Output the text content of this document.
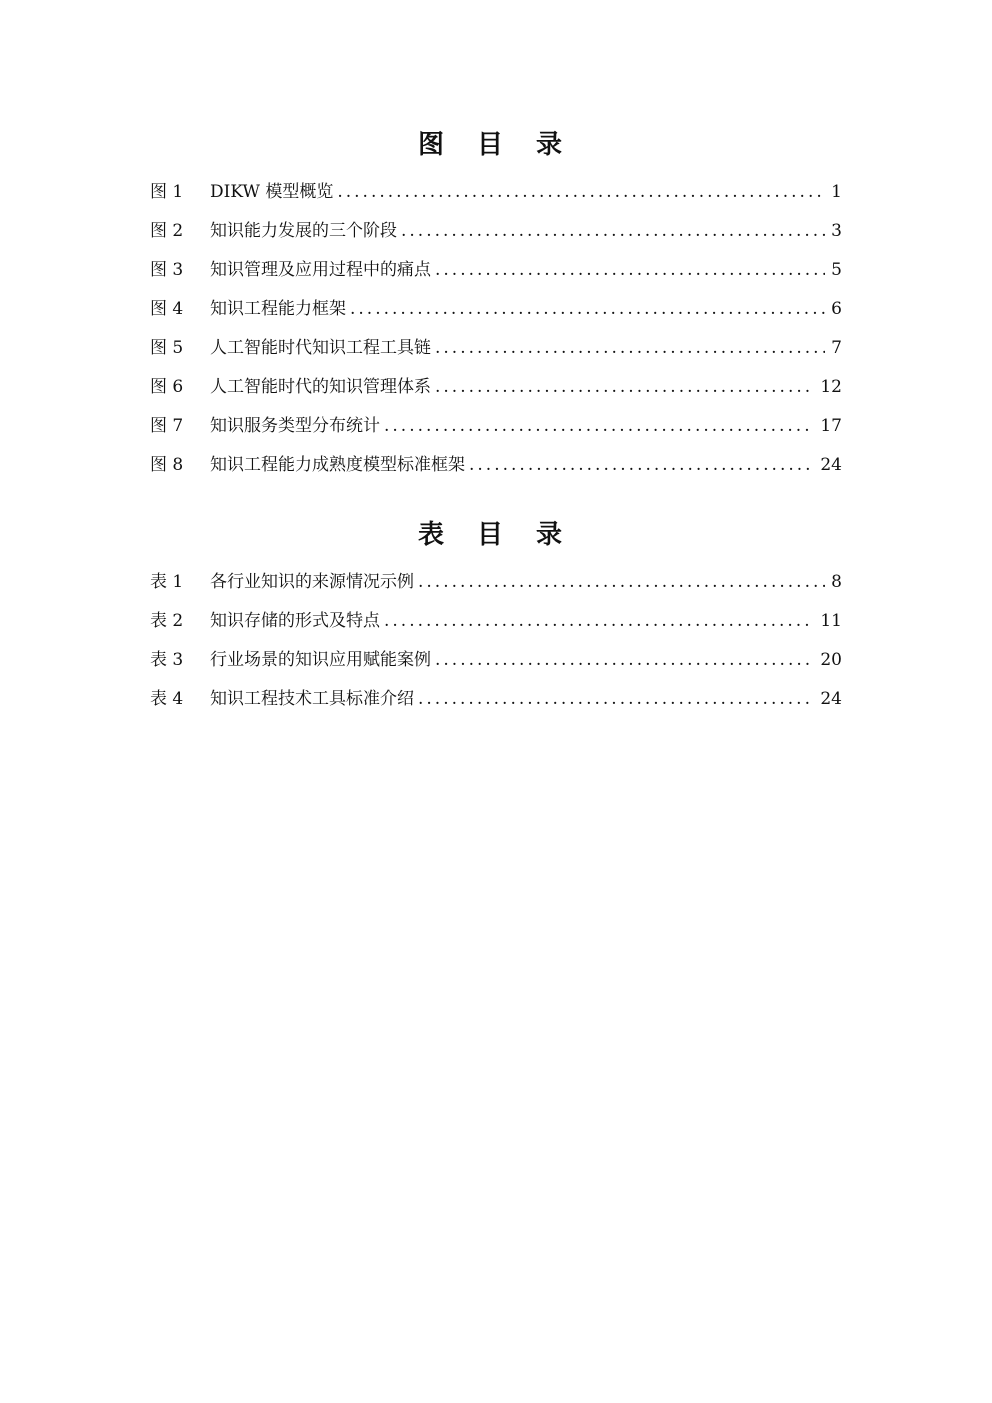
图 目 录
图 1	DIKW 模型概览 .....	1
图 2	知识能力发展的三个阶段 .....	3
图 3	知识管理及应用过程中的痛点 .....	5
图 4	知识工程能力框架 .....	6
图 5	人工智能时代知识工程工具链 .....	7
图 6	人工智能时代的知识管理体系 .....	12
图 7	知识服务类型分布统计 .....	17
图 8	知识工程能力成熟度模型标准框架 .....	24
表 目 录
表 1	各行业知识的来源情况示例 .....	8
表 2	知识存储的形式及特点 .....	11
表 3	行业场景的知识应用赋能案例 .....	20
表 4	知识工程技术工具标准介绍 .....	24
